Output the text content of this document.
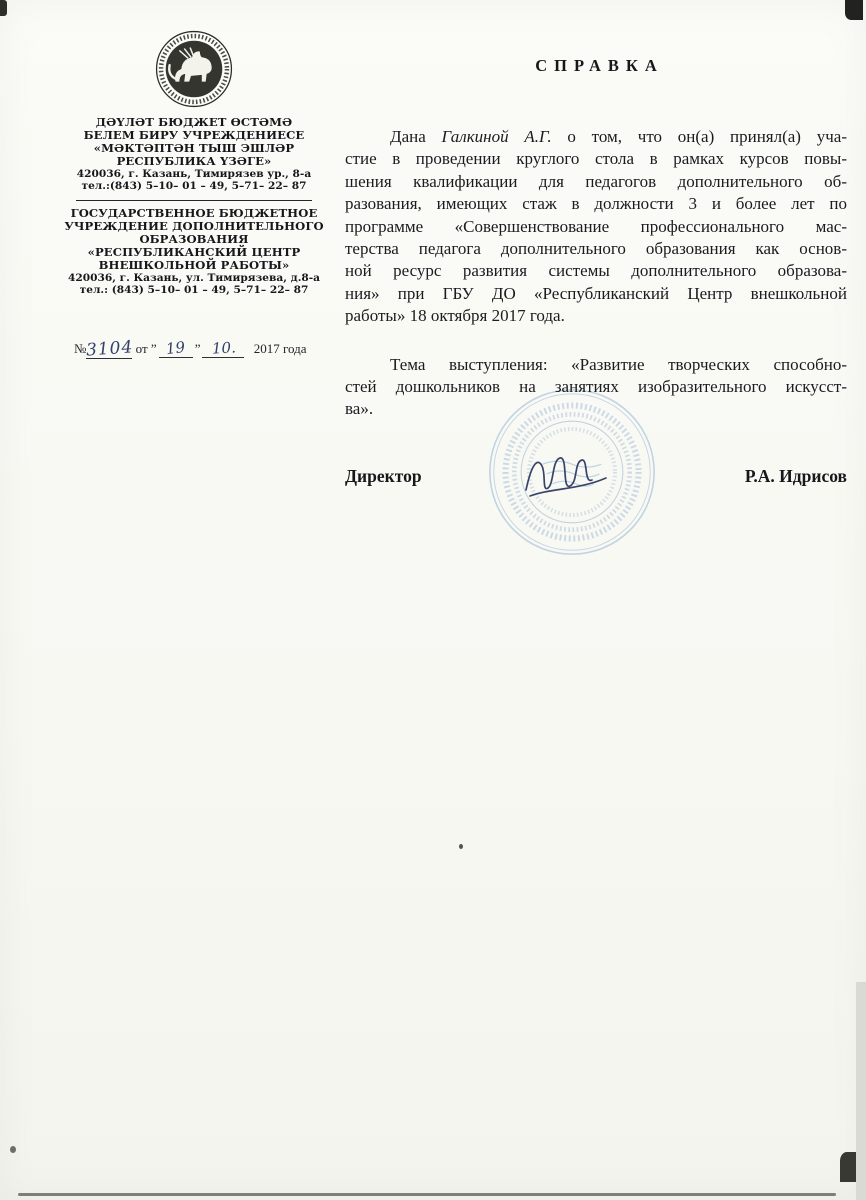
ДӘҮЛӘТ БЮДЖЕТ ӨСТӘМӘ
БЕЛЕМ БИРУ УЧРЕЖДЕНИЕСЕ
«МӘКТӘПТӘН ТЫШ ЭШЛӘР
РЕСПУБЛИКА ҮЗӘГЕ»
420036, г. Казань, Тимирязев ур., 8-а
тел.:(843) 5–10– 01 – 49, 5–71– 22– 87
ГОСУДАРСТВЕННОЕ БЮДЖЕТНОЕ
УЧРЕЖДЕНИЕ ДОПОЛНИТЕЛЬНОГО
ОБРАЗОВАНИЯ
«РЕСПУБЛИКАНСКИЙ ЦЕНТР
ВНЕШКОЛЬНОЙ РАБОТЫ»
420036, г. Казань, ул. Тимирязева, д.8-а
тел.: (843) 5–10– 01 – 49, 5–71– 22– 87
№3104 от ” 19 ” 10. 2017 года
СПРАВКА
Дана Галкиной А.Г. о том, что он(а) принял(а) уча-
стие в проведении круглого стола в рамках курсов повы-
шения квалификации для педагогов дополнительного об-
разования, имеющих стаж в должности 3 и более лет по
программе «Совершенствование профессионального мас-
терства педагога дополнительного образования как основ-
ной ресурс развития системы дополнительного образова-
ния» при ГБУ ДО «Республиканский Центр внешкольной
работы» 18 октября 2017 года.
Тема выступления: «Развитие творческих способно-
стей дошкольников на занятиях изобразительного искусст-
ва».
Директор	Р.А. Идрисов
